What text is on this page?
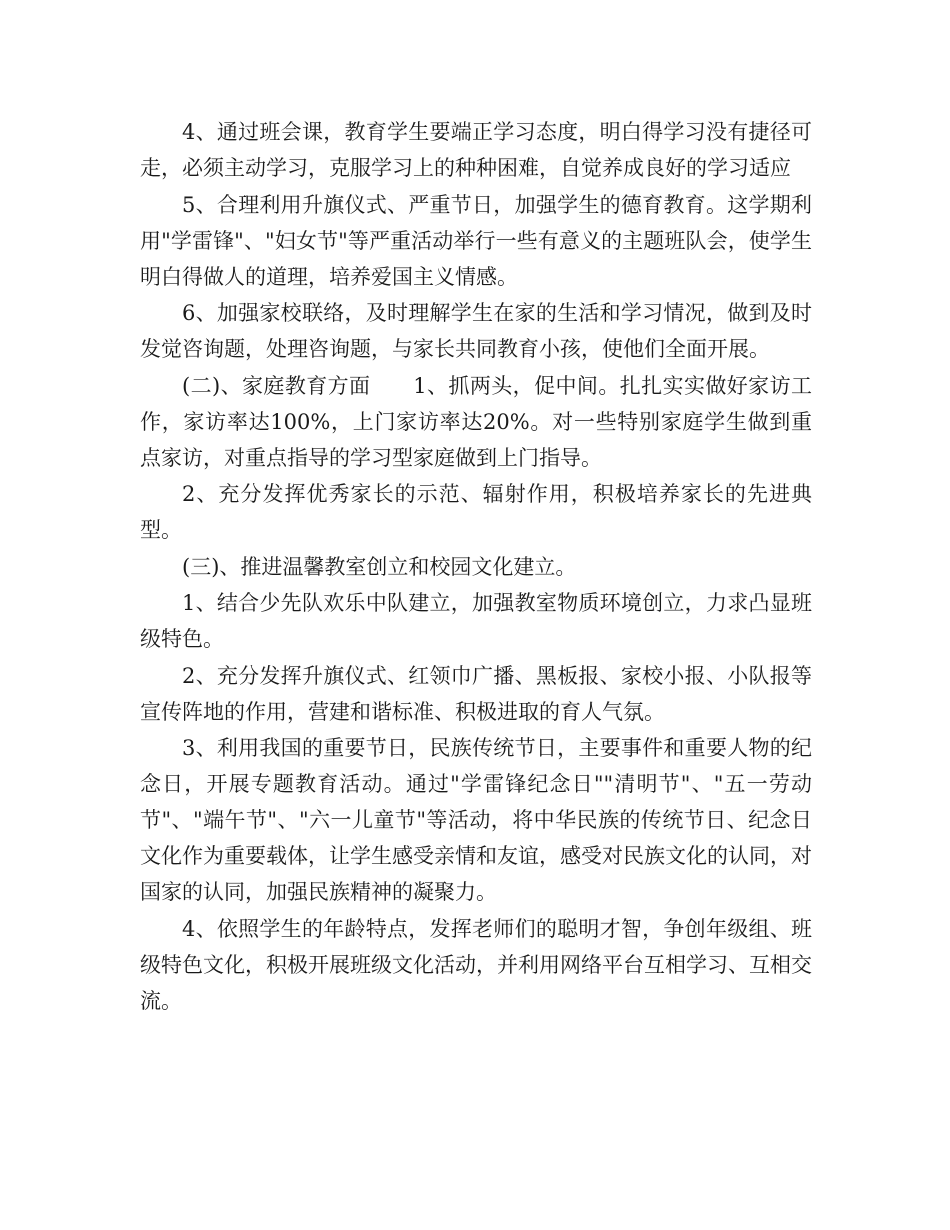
4、通过班会课，教育学生要端正学习态度，明白得学习没有捷径可走，必须主动学习，克服学习上的种种困难，自觉养成良好的学习适应

5、合理利用升旗仪式、严重节日，加强学生的德育教育。这学期利用"学雷锋"、"妇女节"等严重活动举行一些有意义的主题班队会，使学生明白得做人的道理，培养爱国主义情感。

6、加强家校联络，及时理解学生在家的生活和学习情况，做到及时发觉咨询题，处理咨询题，与家长共同教育小孩，使他们全面开展。

(二)、家庭教育方面　　1、抓两头，促中间。扎扎实实做好家访工作，家访率达100%，上门家访率达20%。对一些特别家庭学生做到重点家访，对重点指导的学习型家庭做到上门指导。

2、充分发挥优秀家长的示范、辐射作用，积极培养家长的先进典型。

(三)、推进温馨教室创立和校园文化建立。

1、结合少先队欢乐中队建立，加强教室物质环境创立，力求凸显班级特色。

2、充分发挥升旗仪式、红领巾广播、黑板报、家校小报、小队报等宣传阵地的作用，营建和谐标准、积极进取的育人气氛。

3、利用我国的重要节日，民族传统节日，主要事件和重要人物的纪念日，开展专题教育活动。通过"学雷锋纪念日""清明节"、"五一劳动节"、"端午节"、"六一儿童节"等活动，将中华民族的传统节日、纪念日文化作为重要载体，让学生感受亲情和友谊，感受对民族文化的认同，对国家的认同，加强民族精神的凝聚力。

4、依照学生的年龄特点，发挥老师们的聪明才智，争创年级组、班级特色文化，积极开展班级文化活动，并利用网络平台互相学习、互相交流。
